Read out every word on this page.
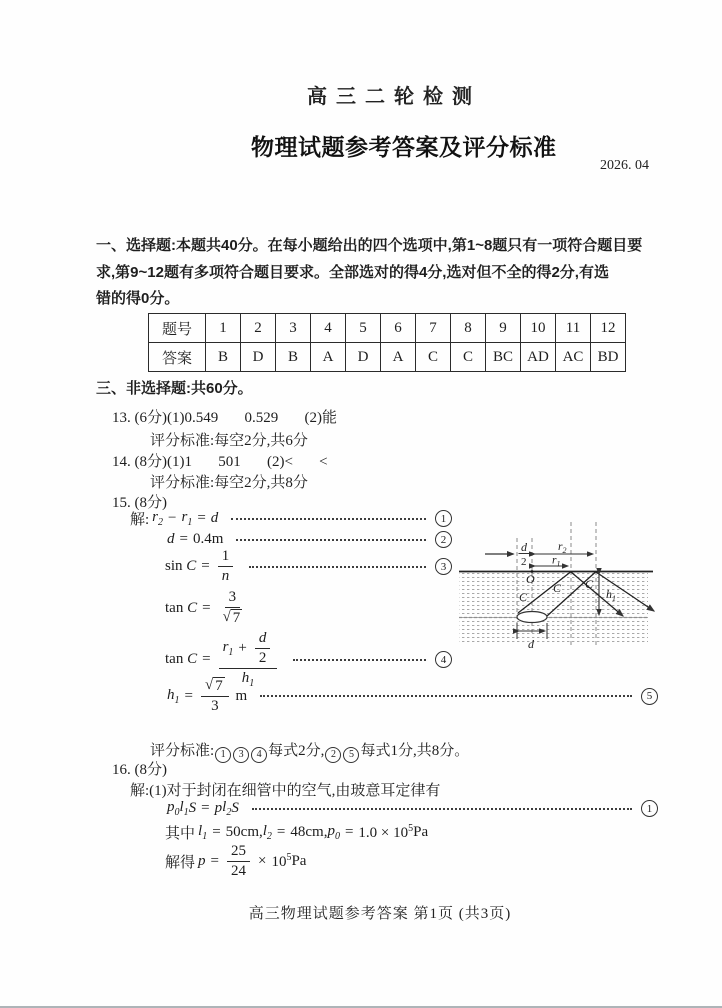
高三二轮检测
物理试题参考答案及评分标准
2026. 04
一、选择题:本题共40分。在每小题给出的四个选项中,第1~8题只有一项符合题目要
求,第9~12题有多项符合题目要求。全部选对的得4分,选对但不全的得2分,有选
错的得0分。
题号	1	2	3	4	5	6	7	8	9	10	11	12
答案	B	D	B	A	D	A	C	C	BC	AD	AC	BD
三、非选择题:共60分。
13. (6分)(1)0.549       0.529       (2)能
评分标准:每空2分,共6分
14. (8分)(1)1       501       (2)<       <
评分标准:每空2分,共8分
15. (8分)
解: $r_2 - r_1 = d$	1
d = 0.4m	2
$\sin C = \frac{1}{n}$	3
tan C = 3
√ 7
$\tan C = \frac{r_1 + \frac{d}{2}}{h_1}$	4
$h_1$ = √ $\frac{7}{3}$ m	5
评分标准: 1 3 4 每式2分, 2 5 每式1分,共8分。
16. (8分)
解:(1)对于封闭在细管中的空气,由玻意耳定律有
$p_0$ $l_1$ S = p $l_2$ S	1
其中 $l_1 = 50cm$, $l_2 = 48cm$, $p_0 = 1.0 \times 10^5$ Pa
解得 $p = \frac{25}{24} \times 10^5$ Pa
高三物理试题参考答案 第1页 (共3页)
d
2
$r_2$
$r_1$
O
C
C
C
$h_1$
d
